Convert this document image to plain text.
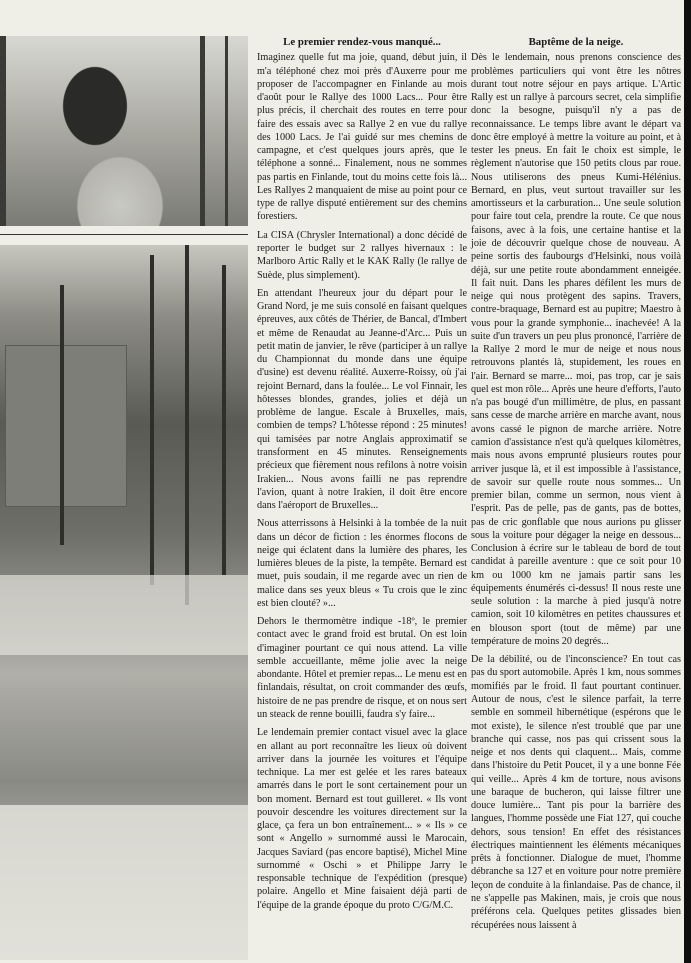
Le premier rendez-vous manqué...

Imaginez quelle fut ma joie, quand, début juin, il m'a téléphoné chez moi près d'Auxerre pour me proposer de l'accompagner en Finlande au mois d'août pour le Rallye des 1000 Lacs... Pour être plus précis, il cherchait des routes en terre pour faire des essais avec sa Rallye 2 en vue du rallye des 1000 Lacs. Je l'ai guidé sur mes chemins de campagne, et c'est quelques jours après, que le téléphone a sonné... Finalement, nous ne sommes pas partis en Finlande, tout du moins cette fois là... Les Rallyes 2 manquaient de mise au point pour ce type de rallye disputé entièrement sur des chemins forestiers.

La CISA (Chrysler International) a donc décidé de reporter le budget sur 2 rallyes hivernaux : le Marlboro Artic Rally et le KAK Rally (le rallye de Suède, plus simplement).

En attendant l'heureux jour du départ pour le Grand Nord, je me suis consolé en faisant quelques épreuves, aux côtés de Thérier, de Bancal, d'Imbert et même de Renaudat au Jeanne-d'Arc... Puis un petit matin de janvier, le rêve (participer à un rallye du Championnat du monde dans une équipe d'usine) est devenu réalité. Auxerre-Roissy, où j'ai rejoint Bernard, dans la foulée... Le vol Finnair, les hôtesses blondes, grandes, jolies et déjà un problème de langue. Escale à Bruxelles, mais, combien de temps? L'hôtesse répond : 25 minutes! qui tamisées par notre Anglais approximatif se transforment en 45 minutes. Renseignements précieux que fièrement nous refilons à notre voisin Irakien... Nous avons failli ne pas reprendre l'avion, quant à notre Irakien, il doit être encore dans l'aéroport de Bruxelles...

Nous atterrissons à Helsinki à la tombée de la nuit dans un décor de fiction : les énormes flocons de neige qui éclatent dans la lumière des phares, les lumières bleues de la piste, la tempête. Bernard est muet, puis soudain, il me regarde avec un rien de malice dans ses yeux bleus « Tu crois que le zinc est bien clouté? »...

Dehors le thermomètre indique -18º, le premier contact avec le grand froid est brutal. On est loin d'imaginer pourtant ce qui nous attend. La ville semble accueillante, même jolie avec la neige abondante. Hôtel et premier repas... Le menu est en finlandais, résultat, on croit commander des œufs, histoire de ne pas prendre de risque, et on nous sert un steack de renne bouilli, faudra s'y faire...

Le lendemain premier contact visuel avec la glace en allant au port reconnaître les lieux où doivent arriver dans la journée les voitures et l'équipe technique. La mer est gelée et les rares bateaux amarrés dans le port le sont certainement pour un bon moment. Bernard est tout guilleret. « Ils vont pouvoir descendre les voitures directement sur la glace, ça fera un bon entraînement... » « Ils » ce sont « Angello » surnommé aussi le Marocain, Jacques Saviard (pas encore baptisé), Michel Mine surnommé « Oschi » et Philippe Jarry le responsable technique de l'expédition (presque) polaire. Angello et Mine faisaient déjà parti de l'équipe de la grande époque du proto C/G/M.C.

Baptême de la neige.

Dès le lendemain, nous prenons conscience des problèmes particuliers qui vont être les nôtres durant tout notre séjour en pays artique. L'Artic Rally est un rallye à parcours secret, cela simplifie donc la besogne, puisqu'il n'y a pas de reconnaissance. Le temps libre avant le départ va donc être employé à mettre la voiture au point, et à tester les pneus. En fait le choix est simple, le règlement n'autorise que 150 petits clous par roue. Nous utiliserons des pneus Kumi-Hélénius. Bernard, en plus, veut surtout travailler sur les amortisseurs et la carburation... Une seule solution pour faire tout cela, prendre la route. Ce que nous faisons, avec à la fois, une certaine hantise et la joie de découvrir quelque chose de nouveau. A peine sortis des faubourgs d'Helsinki, nous voilà déjà, sur une petite route abondamment enneigée. Il fait nuit. Dans les phares défilent les murs de neige qui nous protègent des sapins. Travers, contre-braquage, Bernard est au pupitre; Maestro à vous pour la grande symphonie... inachevée! A la suite d'un travers un peu plus prononcé, l'arrière de la Rallye 2 mord le mur de neige et nous nous retrouvons plantés là, stupidement, les roues en l'air. Bernard se marre... moi, pas trop, car je sais quel est mon rôle... Après une heure d'efforts, l'auto n'a pas bougé d'un millimètre, de plus, en passant sans cesse de marche arrière en marche avant, nous avons cassé le pignon de marche arrière. Notre camion d'assistance n'est qu'à quelques kilomètres, mais nous avons emprunté plusieurs routes pour arriver jusque là, et il est impossible à l'assistance, de savoir sur quelle route nous sommes... Un premier bilan, comme un sermon, nous vient à l'esprit. Pas de pelle, pas de gants, pas de bottes, pas de cric gonflable que nous aurions pu glisser sous la voiture pour dégager la neige en dessous... Conclusion à écrire sur le tableau de bord de tout candidat à pareille aventure : que ce soit pour 10 km ou 1000 km ne jamais partir sans les équipements énumérés ci-dessus! Il nous reste une seule solution : la marche à pied jusqu'à notre camion, soit 10 kilomètres en petites chaussures et en blouson sport (tout de même) par une température de moins 20 degrés...

De la débilité, ou de l'inconscience? En tout cas pas du sport automobile. Après 1 km, nous sommes momifiés par le froid. Il faut pourtant continuer. Autour de nous, c'est le silence parfait, la terre semble en sommeil hibernétique (espérons que le mot existe), le silence n'est troublé que par une branche qui casse, nos pas qui crissent sous la neige et nos dents qui claquent... Mais, comme dans l'histoire du Petit Poucet, il y a une bonne Fée qui veille... Après 4 km de torture, nous avisons une baraque de bucheron, qui laisse filtrer une douce lumière... Tant pis pour la barrière des langues, l'homme possède une Fiat 127, qui couche dehors, sous tension! En effet des résistances électriques maintiennent les éléments mécaniques prêts à fonctionner. Dialogue de muet, l'homme débranche sa 127 et en voiture pour notre première leçon de conduite à la finlandaise. Pas de chance, il ne s'appelle pas Makinen, mais, je crois que nous préférons cela. Quelques petites glissades bien récupérées nous laissent à
